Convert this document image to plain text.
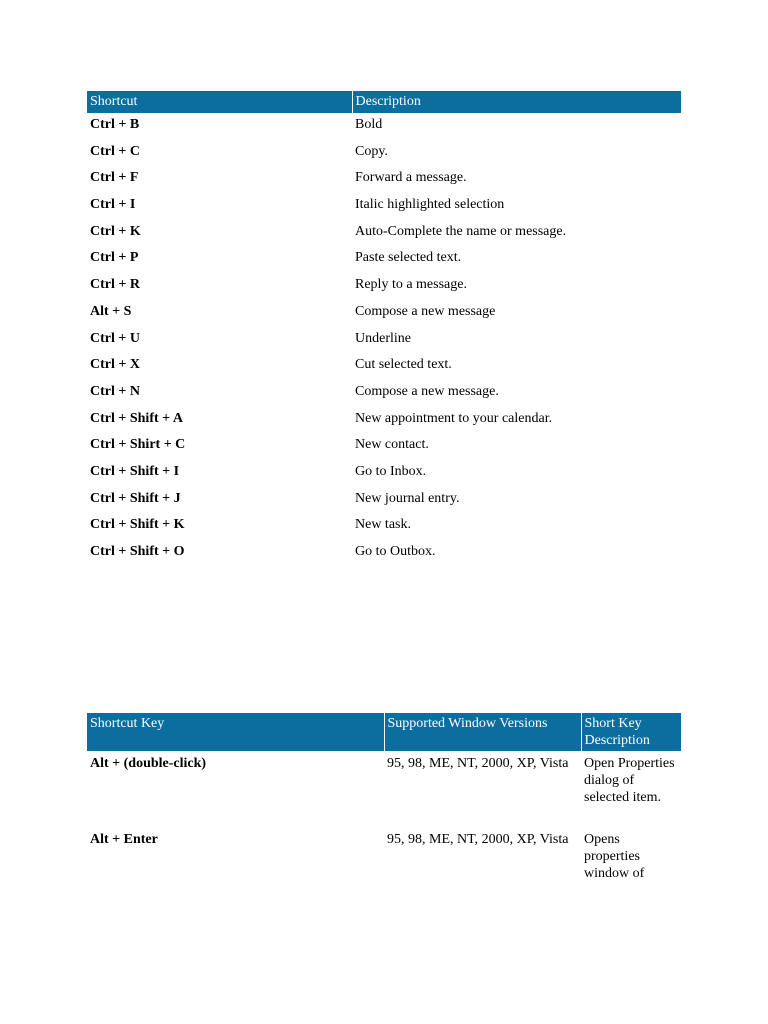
Shortcut	Description
Ctrl + B	Bold
Ctrl + C	Copy.
Ctrl + F	Forward a message.
Ctrl + I	Italic highlighted selection
Ctrl + K	Auto-Complete the name or message.
Ctrl + P	Paste selected text.
Ctrl + R	Reply to a message.
Alt + S	Compose a new message
Ctrl + U	Underline
Ctrl + X	Cut selected text.
Ctrl + N	Compose a new message.
Ctrl + Shift + A	New appointment to your calendar.
Ctrl + Shirt + C	New contact.
Ctrl + Shift + I	Go to Inbox.
Ctrl + Shift + J	New journal entry.
Ctrl + Shift + K	New task.
Ctrl + Shift + O	Go to Outbox.
Shortcut Key	Supported Window Versions	Short Key Description
Alt + (double-click)	95, 98, ME, NT, 2000, XP, Vista	Open Properties dialog of selected item.
Alt + Enter	95, 98, ME, NT, 2000, XP, Vista	Opens properties window of
